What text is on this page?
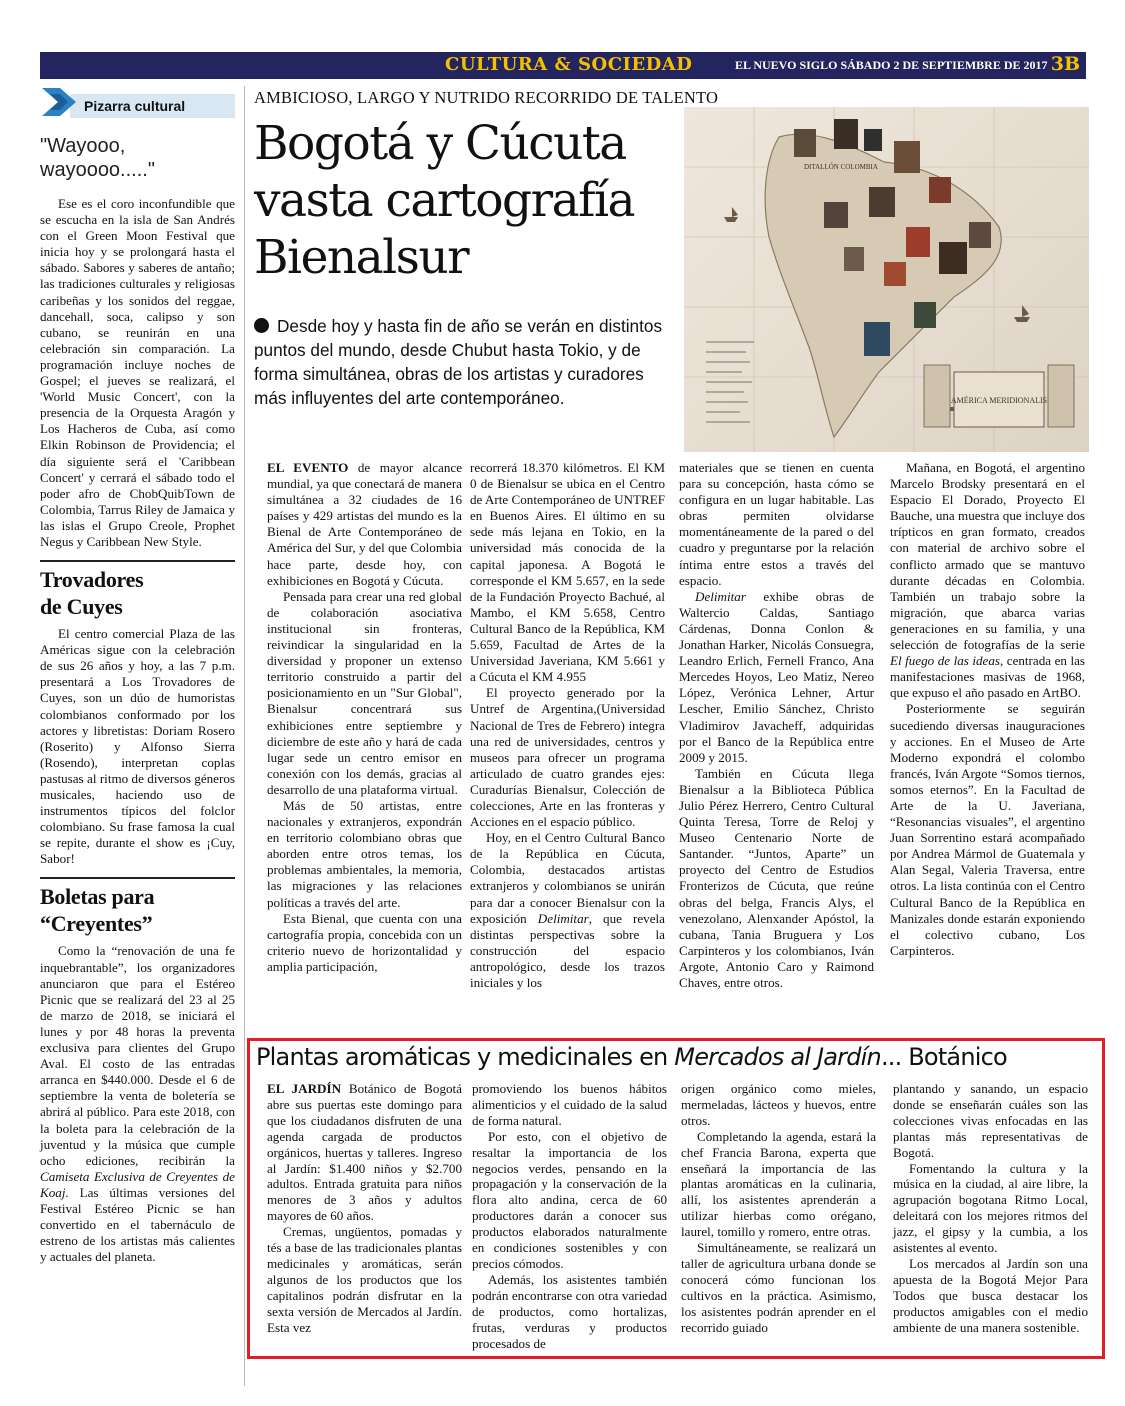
CULTURA & SOCIEDAD	EL NUEVO SIGLO SÁBADO 2 DE SEPTIEMBRE DE 2017 3B
Pizarra cultural
"Wayooo, wayoooo....."

Ese es el coro inconfundible que se escucha en la isla de San Andrés con el Green Moon Festival que inicia hoy y se prolongará hasta el sábado. Sabores y saberes de antaño; las tradiciones culturales y religiosas caribeñas y los sonidos del reggae, dancehall, soca, calipso y son cubano, se reunirán en una celebración sin comparación. La programación incluye noches de Gospel; el jueves se realizará, el 'World Music Concert', con la presencia de la Orquesta Aragón y Los Hacheros de Cuba, así como Elkin Robinson de Providencia; el día siguiente será el 'Caribbean Concert' y cerrará el sábado todo el poder afro de ChobQuibTown de Colombia, Tarrus Riley de Jamaica y las islas el Grupo Creole, Prophet Negus y Caribbean New Style.

Trovadores
de Cuyes

El centro comercial Plaza de las Américas sigue con la celebración de sus 26 años y hoy, a las 7 p.m. presentará a Los Trovadores de Cuyes, son un dúo de humoristas colombianos conformado por los actores y libretistas: Doriam Rosero (Roserito) y Alfonso Sierra (Rosendo), interpretan coplas pastusas al ritmo de diversos géneros musicales, haciendo uso de instrumentos típicos del folclor colombiano. Su frase famosa la cual se repite, durante el show es ¡Cuy, Sabor!

Boletas para
“Creyentes”

Como la “renovación de una fe inquebrantable”, los organizadores anunciaron que para el Estéreo Picnic que se realizará del 23 al 25 de marzo de 2018, se iniciará el lunes y por 48 horas la preventa exclusiva para clientes del Grupo Aval. El costo de las entradas arranca en $440.000. Desde el 6 de septiembre la venta de boletería se abrirá al público. Para este 2018, con la boleta para la celebración de la juventud y la música que cumple ocho ediciones, recibirán la Camiseta Exclusiva de Creyentes de Koaj. Las últimas versiones del Festival Estéreo Picnic se han convertido en el tabernáculo de estreno de los artistas más calientes y actuales del planeta.

AMBICIOSO, LARGO Y NUTRIDO RECORRIDO DE TALENTO
Bogotá y Cúcuta
vasta cartografía
Bienalsur

Desde hoy y hasta fin de año se verán en distintos puntos del mundo, desde Chubut hasta Tokio, y de forma simultánea, obras de los artistas y curadores más influyentes del arte contemporáneo.	AMÉRICA MERIDIONALIS
DITALLÓN COLOMBIA

EL EVENTO de mayor alcance mundial, ya que conectará de manera simultánea a 32 ciudades de 16 países y 429 artistas del mundo es la Bienal de Arte Contemporáneo de América del Sur, y del que Colombia hace parte, desde hoy, con exhibiciones en Bogotá y Cúcuta.

Pensada para crear una red global de colaboración asociativa institucional sin fronteras, reivindicar la singularidad en la diversidad y proponer un extenso territorio construido a partir del posicionamiento en un "Sur Global", Bienalsur concentrará sus exhibiciones entre septiembre y diciembre de este año y hará de cada lugar sede un centro emisor en conexión con los demás, gracias al desarrollo de una plataforma virtual.

Más de 50 artistas, entre nacionales y extranjeros, expondrán en territorio colombiano obras que aborden entre otros temas, los problemas ambientales, la memoria, las migraciones y las relaciones políticas a través del arte.

Esta Bienal, que cuenta con una cartografía propia, concebida con un criterio nuevo de horizontalidad y amplia participación,

recorrerá 18.370 kilómetros. El KM 0 de Bienalsur se ubica en el Centro de Arte Contemporáneo de UNTREF en Buenos Aires. El último en su sede más lejana en Tokio, en la universidad más conocida de la capital japonesa. A Bogotá le corresponde el KM 5.657, en la sede de la Fundación Proyecto Bachué, al Mambo, el KM 5.658, Centro Cultural Banco de la República, KM 5.659, Facultad de Artes de la Universidad Javeriana, KM 5.661 y a Cúcuta el KM 4.955

El proyecto generado por la Untref de Argentina,(Universidad Nacional de Tres de Febrero) integra una red de universidades, centros y museos para ofrecer un programa articulado de cuatro grandes ejes: Curadurías Bienalsur, Colección de colecciones, Arte en las fronteras y Acciones en el espacio público.

Hoy, en el Centro Cultural Banco de la República en Cúcuta, Colombia, destacados artistas extranjeros y colombianos se unirán para dar a conocer Bienalsur con la exposición Delimitar, que revela distintas perspectivas sobre la construcción del espacio antropológico, desde los trazos iniciales y los

materiales que se tienen en cuenta para su concepción, hasta cómo se configura en un lugar habitable. Las obras permiten olvidarse momentáneamente de la pared o del cuadro y preguntarse por la relación íntima entre estos a través del espacio.

Delimitar exhibe obras de Waltercio Caldas, Santiago Cárdenas, Donna Conlon & Jonathan Harker, Nicolás Consuegra, Leandro Erlich, Fernell Franco, Ana Mercedes Hoyos, Leo Matiz, Nereo López, Verónica Lehner, Artur Lescher, Emilio Sánchez, Christo Vladimirov Javacheff, adquiridas por el Banco de la República entre 2009 y 2015.

También en Cúcuta llega Bienalsur a la Biblioteca Pública Julio Pérez Herrero, Centro Cultural Quinta Teresa, Torre de Reloj y Museo Centenario Norte de Santander. “Juntos, Aparte” un proyecto del Centro de Estudios Fronterizos de Cúcuta, que reúne obras del belga, Francis Alys, el venezolano, Alenxander Apóstol, la cubana, Tania Bruguera y Los Carpinteros y los colombianos, Iván Argote, Antonio Caro y Raimond Chaves, entre otros.

Mañana, en Bogotá, el argentino Marcelo Brodsky presentará en el Espacio El Dorado, Proyecto El Bauche, una muestra que incluye dos trípticos en gran formato, creados con material de archivo sobre el conflicto armado que se mantuvo durante décadas en Colombia. También un trabajo sobre la migración, que abarca varias generaciones en su familia, y una selección de fotografías de la serie El fuego de las ideas, centrada en las manifestaciones masivas de 1968, que expuso el año pasado en ArtBO.

Posteriormente se seguirán sucediendo diversas inauguraciones y acciones. En el Museo de Arte Moderno expondrá el colombo francés, Iván Argote “Somos tiernos, somos eternos”. En la Facultad de Arte de la U. Javeriana, “Resonancias visuales”, el argentino Juan Sorrentino estará acompañado por Andrea Mármol de Guatemala y Alan Segal, Valeria Traversa, entre otros. La lista continúa con el Centro Cultural Banco de la República en Manizales donde estarán exponiendo el colectivo cubano, Los Carpinteros.

Plantas aromáticas y medicinales en Mercados al Jardín... Botánico

EL JARDÍN Botánico de Bogotá abre sus puertas este domingo para que los ciudadanos disfruten de una agenda cargada de productos orgánicos, huertas y talleres. Ingreso al Jardín: $1.400 niños y $2.700 adultos. Entrada gratuita para niños menores de 3 años y adultos mayores de 60 años.

Cremas, ungüentos, pomadas y tés a base de las tradicionales plantas medicinales y aromáticas, serán algunos de los productos que los capitalinos podrán disfrutar en la sexta versión de Mercados al Jardín. Esta vez

promoviendo los buenos hábitos alimenticios y el cuidado de la salud de forma natural.

Por esto, con el objetivo de resaltar la importancia de los negocios verdes, pensando en la propagación y la conservación de la flora alto andina, cerca de 60 productores darán a conocer sus productos elaborados naturalmente en condiciones sostenibles y con precios cómodos.

Además, los asistentes también podrán encontrarse con otra variedad de productos, como hortalizas, frutas, verduras y productos procesados de

origen orgánico como mieles, mermeladas, lácteos y huevos, entre otros.

Completando la agenda, estará la chef Francia Barona, experta que enseñará la importancia de las plantas aromáticas en la culinaria, allí, los asistentes aprenderán a utilizar hierbas como orégano, laurel, tomillo y romero, entre otras.

Simultáneamente, se realizará un taller de agricultura urbana donde se conocerá cómo funcionan los cultivos en la práctica. Asimismo, los asistentes podrán aprender en el recorrido guiado

plantando y sanando, un espacio donde se enseñarán cuáles son las colecciones vivas enfocadas en las plantas más representativas de Bogotá.

Fomentando la cultura y la música en la ciudad, al aire libre, la agrupación bogotana Ritmo Local, deleitará con los mejores ritmos del jazz, el gipsy y la cumbia, a los asistentes al evento.

Los mercados al Jardín son una apuesta de la Bogotá Mejor Para Todos que busca destacar los productos amigables con el medio ambiente de una manera sostenible.
